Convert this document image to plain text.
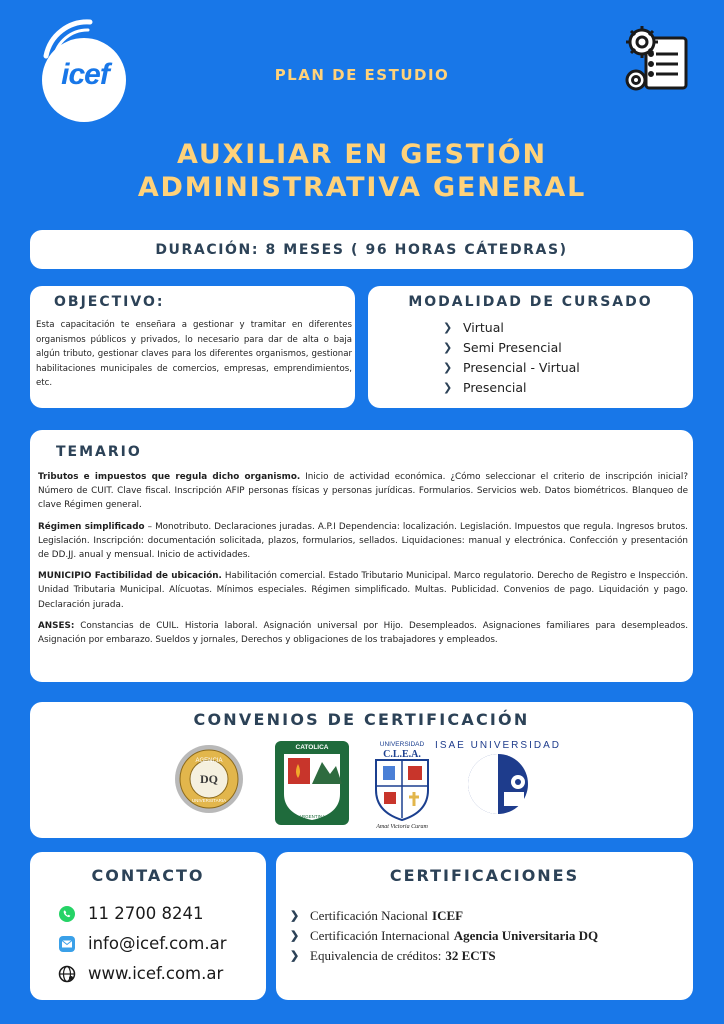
icef	PLAN DE ESTUDIO
AUXILIAR EN GESTIÓN
ADMINISTRATIVA GENERAL
DURACIÓN: 8 MESES ( 96 HORAS CÁTEDRAS)
OBJECTIVO:

Esta capacitación te enseñara a gestionar y tramitar en diferentes organismos públicos y privados, lo necesario para dar de alta o baja algún tributo, gestionar claves para los diferentes organismos, gestionar habilitaciones municipales de comercios, empresas, emprendimientos, etc.

MODALIDAD DE CURSADO
❯ Virtual
❯ Semi Presencial
❯ Presencial - Virtual
❯ Presencial
TEMARIO

Tributos e impuestos que regula dicho organismo. Inicio de actividad económica. ¿Cómo seleccionar el criterio de inscripción inicial? Número de CUIT. Clave fiscal. Inscripción AFIP personas físicas y personas jurídicas. Formularios. Servicios web. Datos biométricos. Blanqueo de clave Régimen general.

Régimen simplificado – Monotributo. Declaraciones juradas. A.P.I Dependencia: localización. Legislación. Impuestos que regula. Ingresos brutos. Legislación. Inscripción: documentación solicitada, plazos, formularios, sellados. Liquidaciones: manual y electrónica. Confección y presentación de DD.JJ. anual y mensual. Inicio de actividades.

MUNICIPIO Factibilidad de ubicación. Habilitación comercial. Estado Tributario Municipal. Marco regulatorio. Derecho de Registro e Inspección. Unidad Tributaria Municipal. Alícuotas. Mínimos especiales. Régimen simplificado. Multas. Publicidad. Convenios de pago. Liquidación y pago. Declaración jurada.

ANSES: Constancias de CUIL. Historia laboral. Asignación universal por Hijo. Desempleados. Asignaciones familiares para desempleados. Asignación por embarazo. Sueldos y jornales, Derechos y obligaciones de los trabajadores y empleados.

CONVENIOS DE CERTIFICACIÓN
AGENCIA
DQ
UNIVERSITARIA
CATOLICA
ARGENTINA
UNIVERSIDAD
C.L.E.A.
Amat Victoria Curam
ISAE UNIVERSIDAD
CONTACTO
11 2700 8241
info@icef.com.ar
www.icef.com.ar
CERTIFICACIONES
❯ Certificación Nacional ICEF
❯ Certificación Internacional Agencia Universitaria DQ
❯ Equivalencia de créditos: 32 ECTS
